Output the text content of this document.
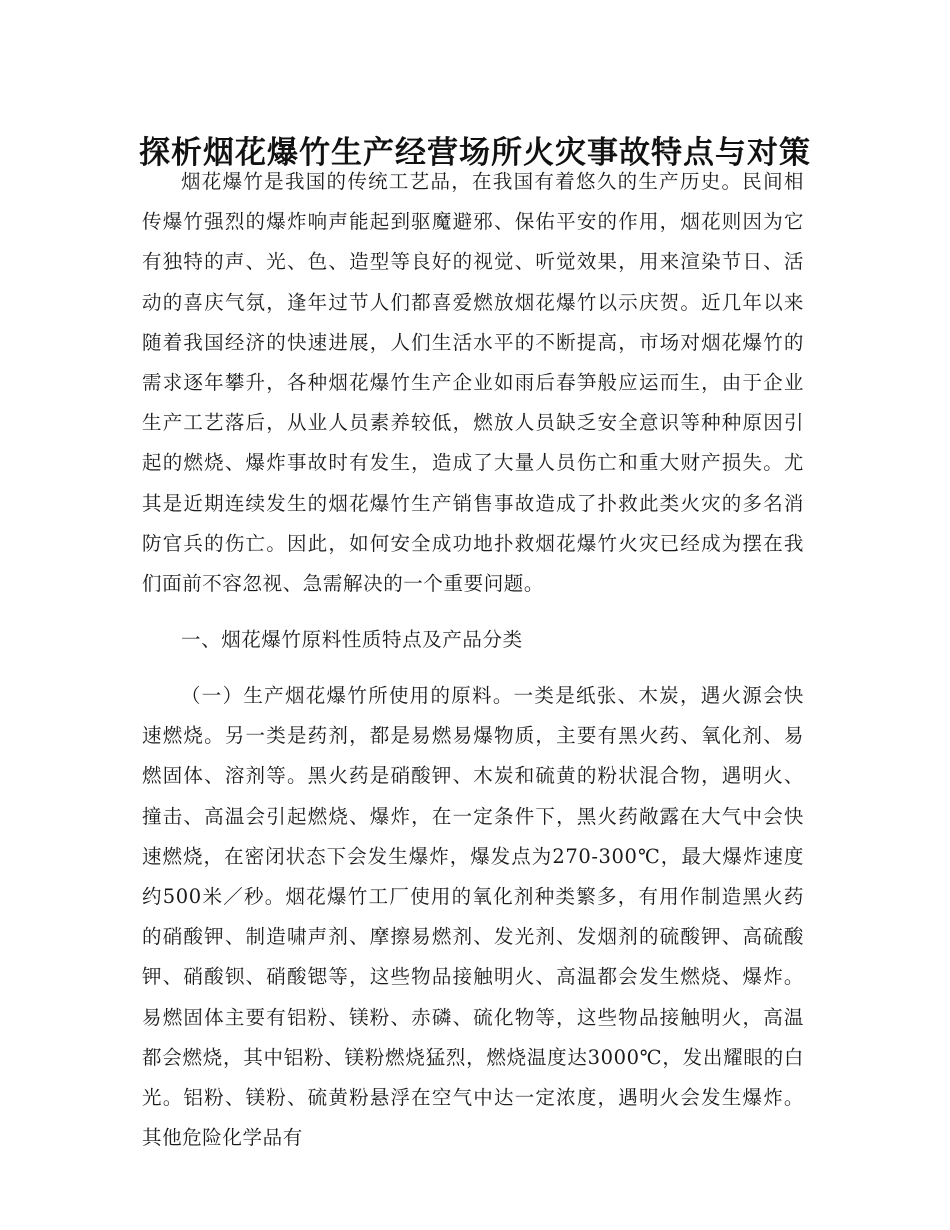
探析烟花爆竹生产经营场所火灾事故特点与对策

烟花爆竹是我国的传统工艺品，在我国有着悠久的生产历史。民间相传爆竹强烈的爆炸响声能起到驱魔避邪、保佑平安的作用，烟花则因为它有独特的声、光、色、造型等良好的视觉、听觉效果，用来渲染节日、活动的喜庆气氛，逢年过节人们都喜爱燃放烟花爆竹以示庆贺。近几年以来随着我国经济的快速进展，人们生活水平的不断提高，市场对烟花爆竹的需求逐年攀升，各种烟花爆竹生产企业如雨后春笋般应运而生，由于企业生产工艺落后，从业人员素养较低，燃放人员缺乏安全意识等种种原因引起的燃烧、爆炸事故时有发生，造成了大量人员伤亡和重大财产损失。尤其是近期连续发生的烟花爆竹生产销售事故造成了扑救此类火灾的多名消防官兵的伤亡。因此，如何安全成功地扑救烟花爆竹火灾已经成为摆在我们面前不容忽视、急需解决的一个重要问题。

一、烟花爆竹原料性质特点及产品分类

（一）生产烟花爆竹所使用的原料。一类是纸张、木炭，遇火源会快速燃烧。另一类是药剂，都是易燃易爆物质，主要有黑火药、氧化剂、易燃固体、溶剂等。黑火药是硝酸钾、木炭和硫黄的粉状混合物，遇明火、撞击、高温会引起燃烧、爆炸，在一定条件下，黑火药敞露在大气中会快速燃烧，在密闭状态下会发生爆炸，爆发点为270-300℃，最大爆炸速度约500米／秒。烟花爆竹工厂使用的氧化剂种类繁多，有用作制造黑火药的硝酸钾、制造啸声剂、摩擦易燃剂、发光剂、发烟剂的硫酸钾、高硫酸钾、硝酸钡、硝酸锶等，这些物品接触明火、高温都会发生燃烧、爆炸。易燃固体主要有铝粉、镁粉、赤磷、硫化物等，这些物品接触明火，高温都会燃烧，其中铝粉、镁粉燃烧猛烈，燃烧温度达3000℃，发出耀眼的白光。铝粉、镁粉、硫黄粉悬浮在空气中达一定浓度，遇明火会发生爆炸。其他危险化学品有
